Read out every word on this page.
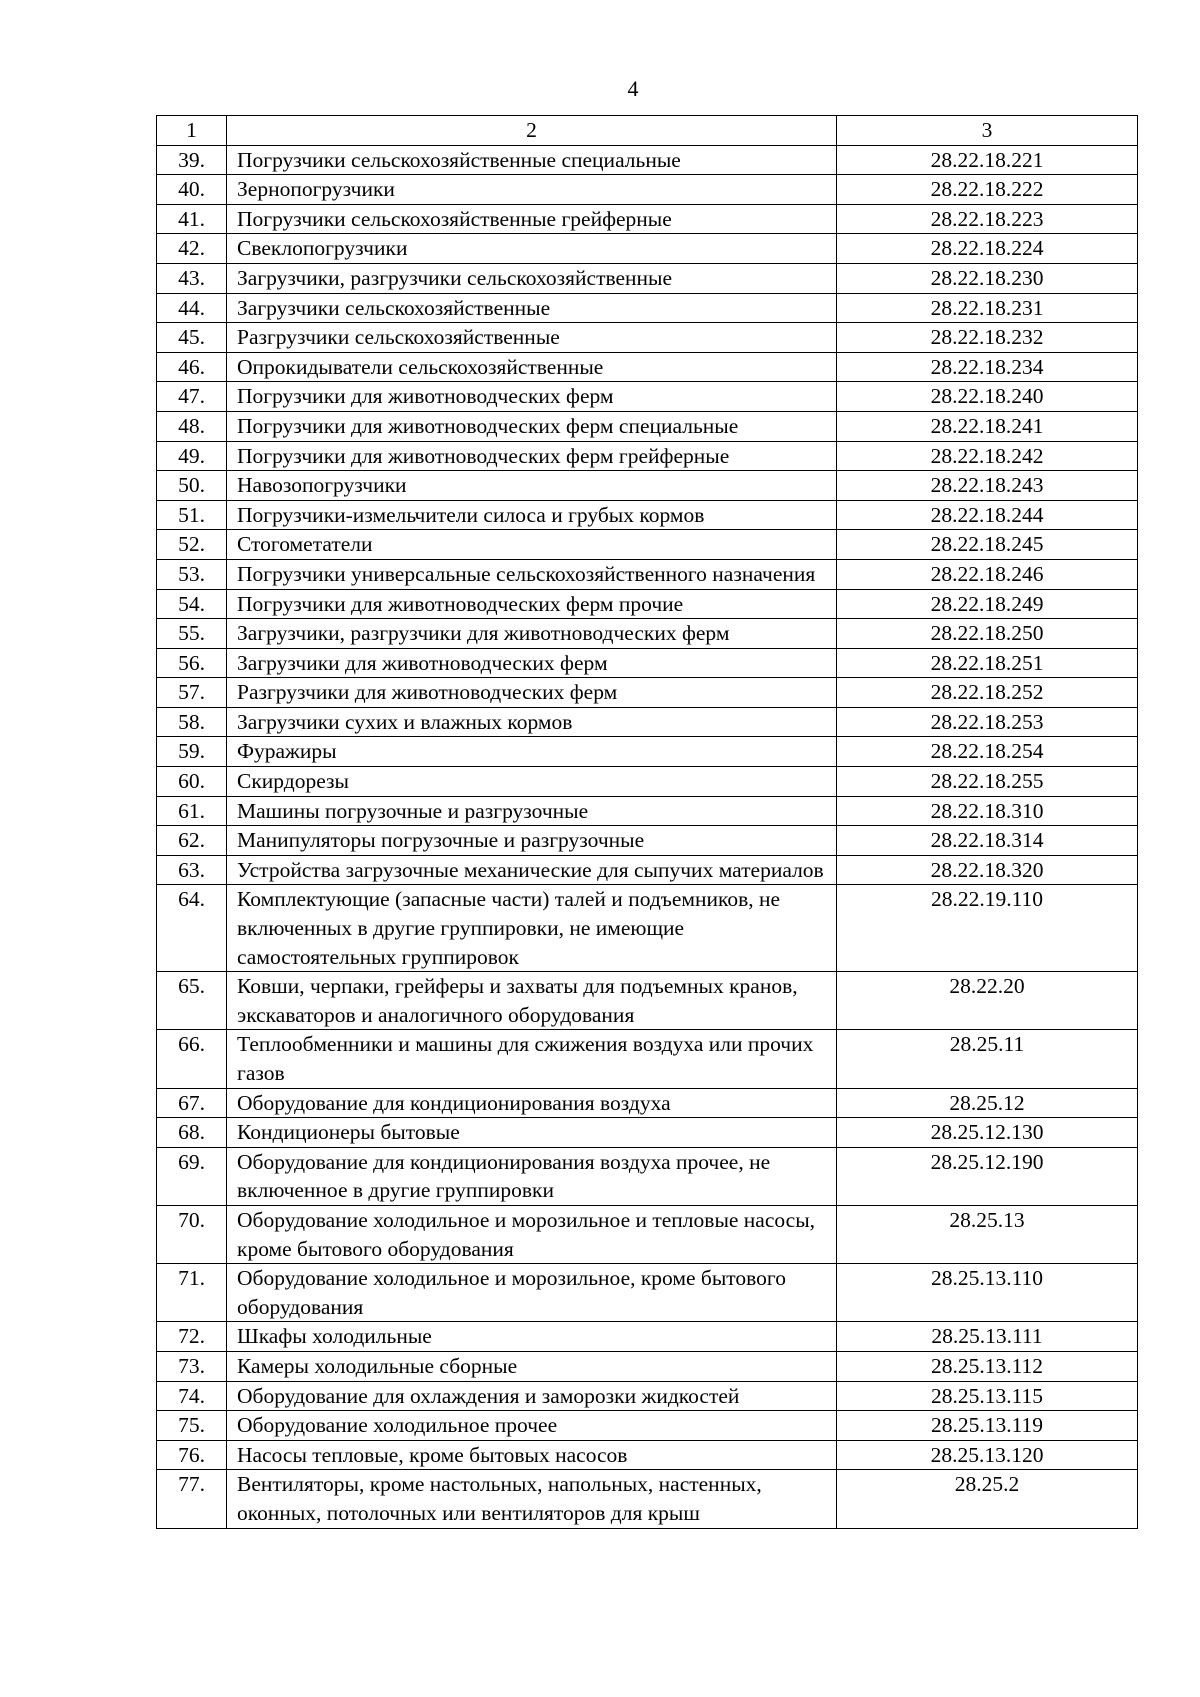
4
1	2	3
39.	Погрузчики сельскохозяйственные специальные	28.22.18.221
40.	Зернопогрузчики	28.22.18.222
41.	Погрузчики сельскохозяйственные грейферные	28.22.18.223
42.	Свеклопогрузчики	28.22.18.224
43.	Загрузчики, разгрузчики сельскохозяйственные	28.22.18.230
44.	Загрузчики сельскохозяйственные	28.22.18.231
45.	Разгрузчики сельскохозяйственные	28.22.18.232
46.	Опрокидыватели сельскохозяйственные	28.22.18.234
47.	Погрузчики для животноводческих ферм	28.22.18.240
48.	Погрузчики для животноводческих ферм специальные	28.22.18.241
49.	Погрузчики для животноводческих ферм грейферные	28.22.18.242
50.	Навозопогрузчики	28.22.18.243
51.	Погрузчики-измельчители силоса и грубых кормов	28.22.18.244
52.	Стогометатели	28.22.18.245
53.	Погрузчики универсальные сельскохозяйственного назначения	28.22.18.246
54.	Погрузчики для животноводческих ферм прочие	28.22.18.249
55.	Загрузчики, разгрузчики для животноводческих ферм	28.22.18.250
56.	Загрузчики для животноводческих ферм	28.22.18.251
57.	Разгрузчики для животноводческих ферм	28.22.18.252
58.	Загрузчики сухих и влажных кормов	28.22.18.253
59.	Фуражиры	28.22.18.254
60.	Скирдорезы	28.22.18.255
61.	Машины погрузочные и разгрузочные	28.22.18.310
62.	Манипуляторы погрузочные и разгрузочные	28.22.18.314
63.	Устройства загрузочные механические для сыпучих материалов	28.22.18.320
64.	Комплектующие (запасные части) талей и подъемников, не включенных в другие группировки, не имеющие самостоятельных группировок	28.22.19.110
65.	Ковши, черпаки, грейферы и захваты для подъемных кранов, экскаваторов и аналогичного оборудования	28.22.20
66.	Теплообменники и машины для сжижения воздуха или прочих газов	28.25.11
67.	Оборудование для кондиционирования воздуха	28.25.12
68.	Кондиционеры бытовые	28.25.12.130
69.	Оборудование для кондиционирования воздуха прочее, не включенное в другие группировки	28.25.12.190
70.	Оборудование холодильное и морозильное и тепловые насосы, кроме бытового оборудования	28.25.13
71.	Оборудование холодильное и морозильное, кроме бытового оборудования	28.25.13.110
72.	Шкафы холодильные	28.25.13.111
73.	Камеры холодильные сборные	28.25.13.112
74.	Оборудование для охлаждения и заморозки жидкостей	28.25.13.115
75.	Оборудование холодильное прочее	28.25.13.119
76.	Насосы тепловые, кроме бытовых насосов	28.25.13.120
77.	Вентиляторы, кроме настольных, напольных, настенных, оконных, потолочных или вентиляторов для крыш	28.25.2
